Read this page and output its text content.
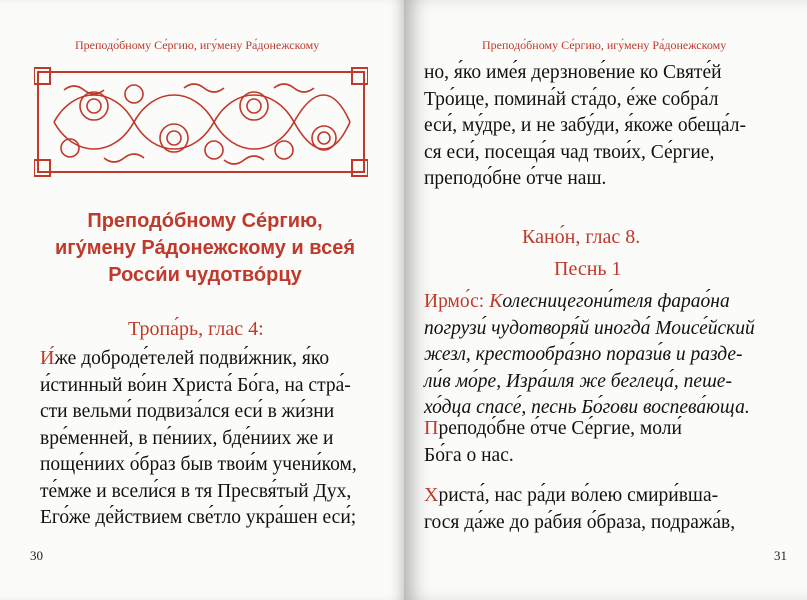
Преподо́бному Се́ргию, игу́мену Ра́донежскому
Преподо́бному Се́ргию,
игу́мену Ра́донежскому и всея́
Росси́и чудотво́рцу
Тропа́рь, глас 4:

И́же доброде́телей подви́жник, я́ко

и́стинный во́ин Христа́ Бо́га, на стра́-

сти вельми́ подвиза́лся еси́ в жи́зни

вре́менней, в пе́ниих, бде́ниих же и

поще́ниих о́браз быв твои́м учени́ком,

те́мже и всели́ся в тя Пресвя́тый Дух,

Его́же де́йствием све́тло укра́шен еси́;

30
Преподо́бному Се́ргию, игу́мену Ра́донежскому

но, я́ко име́я дерзнове́ние ко Святе́й

Тро́ице, помина́й ста́до, е́же собра́л

еси́, му́дре, и не забу́ди, я́коже обеща́л-

ся еси́, посеща́я чад твои́х, Се́ргие,

преподо́бне о́тче наш.

Кано́н, глас 8.
Песнь 1

Ирмо́с: Колесницегони́теля фарао́на

погрузи́ чудотворя́й иногда́ Моисе́йский

жезл, крестообра́зно порази́в и разде-

ли́в мо́ре, Изра́иля же беглеца́, пеше-

хо́дца спасе́, песнь Бо́гови воспева́юща.

Преподо́бне о́тче Се́ргие, моли́

Бо́га о нас.

Христа́, нас ра́ди во́лею смири́вша-

гося да́же до ра́бия о́браза, подража́в,

31
